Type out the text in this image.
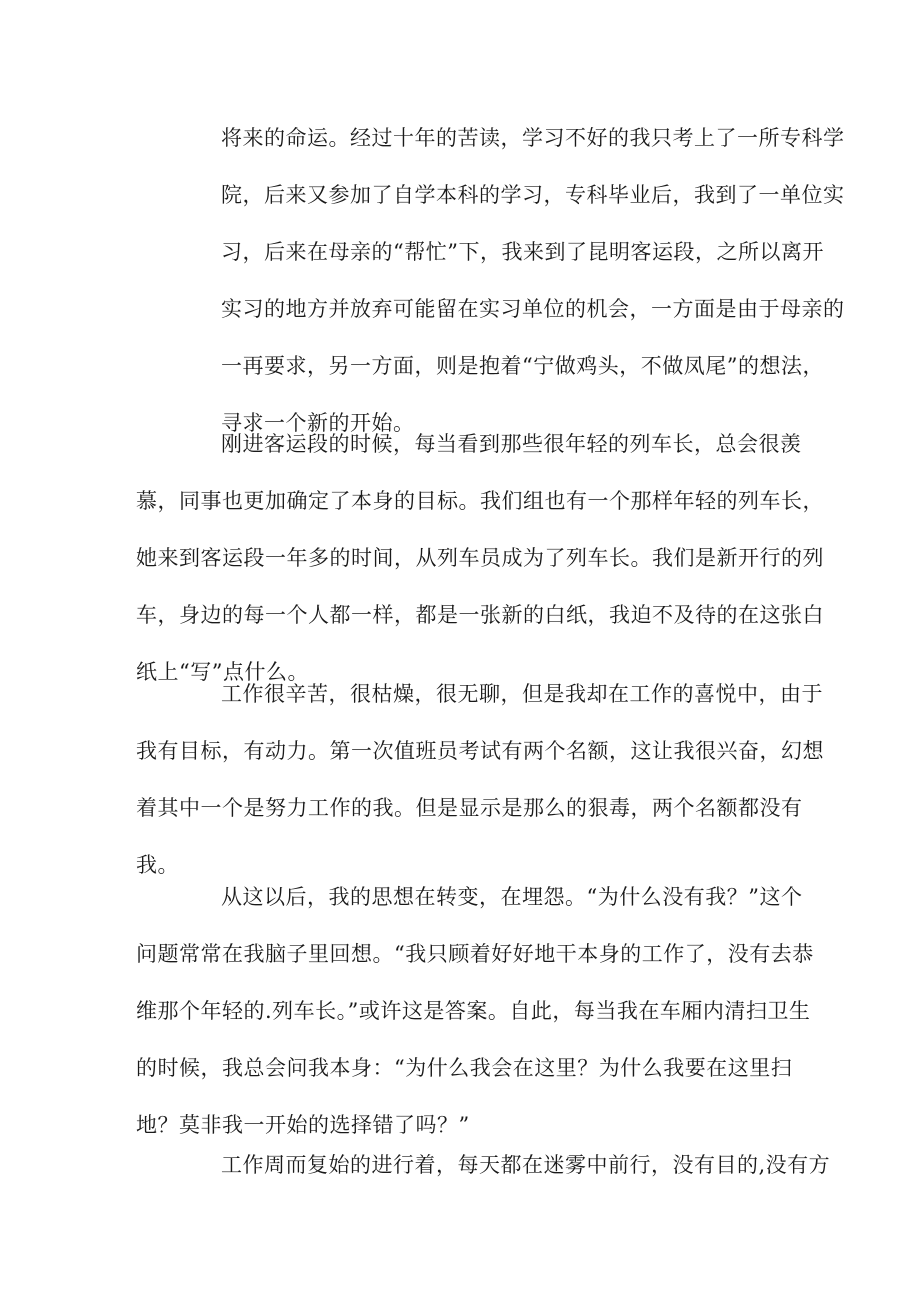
将来的命运。经过十年的苦读，学习不好的我只考上了一所专科学
院，后来又参加了自学本科的学习，专科毕业后，我到了一单位实
习，后来在母亲的“帮忙”下，我来到了昆明客运段，之所以离开
实习的地方并放弃可能留在实习单位的机会，一方面是由于母亲的
一再要求，另一方面，则是抱着“宁做鸡头，不做凤尾”的想法，
寻求一个新的开始。
刚进客运段的时候，每当看到那些很年轻的列车长，总会很羡
慕，同事也更加确定了本身的目标。我们组也有一个那样年轻的列车长，
她来到客运段一年多的时间，从列车员成为了列车长。我们是新开行的列
车，身边的每一个人都一样，都是一张新的白纸，我迫不及待的在这张白
纸上“写”点什么。
工作很辛苦，很枯燥，很无聊，但是我却在工作的喜悦中，由于
我有目标，有动力。第一次值班员考试有两个名额，这让我很兴奋，幻想
着其中一个是努力工作的我。但是显示是那么的狠毒，两个名额都没有
我。
从这以后，我的思想在转变，在埋怨。“为什么没有我？”这个
问题常常在我脑子里回想。“我只顾着好好地干本身的工作了，没有去恭
维那个年轻的.列车长。”或许这是答案。自此，每当我在车厢内清扫卫生
的时候，我总会问我本身：“为什么我会在这里？为什么我要在这里扫
地？莫非我一开始的选择错了吗？”
工作周而复始的进行着，每天都在迷雾中前行，没有目的,没有方
